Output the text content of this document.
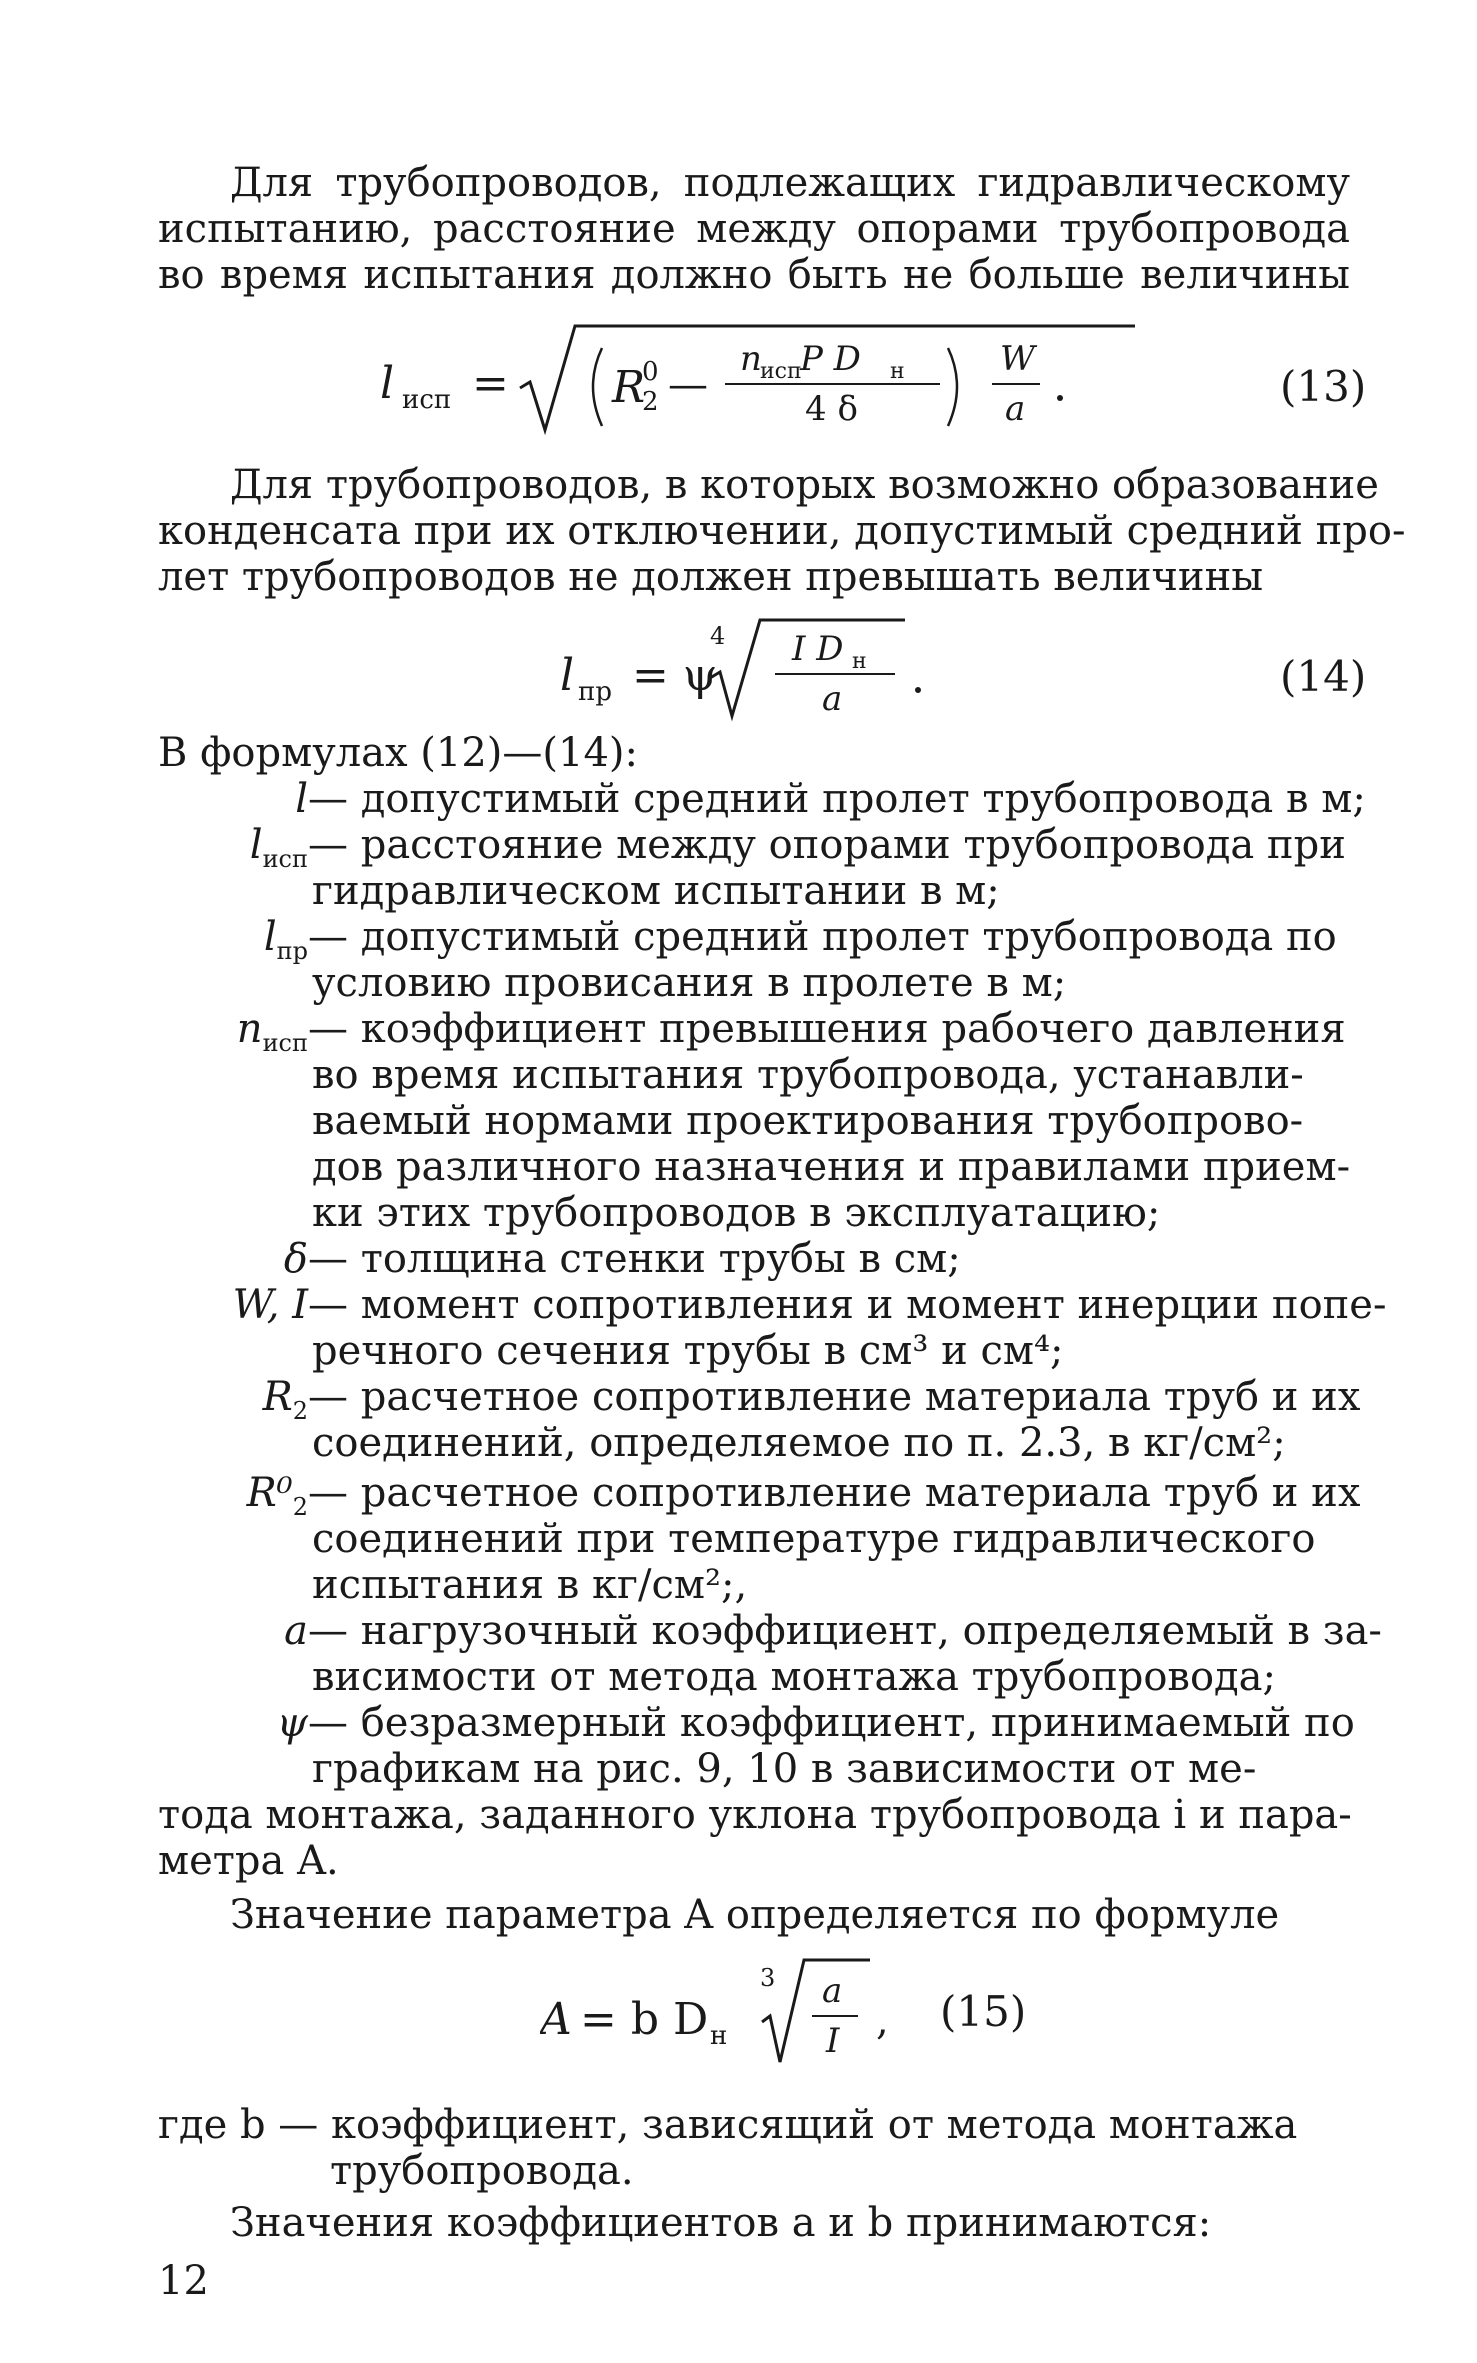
Для трубопроводов, подлежащих гидравлическому
испытанию, расстояние между опорами трубопровода
во время испытания должно быть не больше величины
l исп = R
0
2 —
n
исп
P D н
4 δ
W
a	(13)
Для трубопроводов, в которых возможно образование
конденсата при их отключении, допустимый средний про-
лет трубопроводов не должен превышать величины
l пр = ψ
4 I D н
a	(14)
В формулах (12)—(14):
l — допустимый средний пролет трубопровода в м;
$l_{исп}$ — расстояние между опорами трубопровода при
гидравлическом испытании в м;
$l_{пр}$ — допустимый средний пролет трубопровода по
условию провисания в пролете в м;
$n_{исп}$ — коэффициент превышения рабочего давления
во время испытания трубопровода, устанавли-
ваемый нормами проектирования трубопрово-
дов различного назначения и правилами прием-
ки этих трубопроводов в эксплуатацию;
δ — толщина стенки трубы в см;
W, I — момент сопротивления и момент инерции попе-
речного сечения трубы в см³ и см⁴;
$R_2$ — расчетное сопротивление материала труб и их
соединений, определяемое по п. 2.3, в кг/см²;
$R^0_2$ — расчетное сопротивление материала труб и их
соединений при температуре гидравлического
испытания в кг/см²;,
a — нагрузочный коэффициент, определяемый в за-
висимости от метода монтажа трубопровода;
ψ — безразмерный коэффициент, принимаемый по
графикам на рис. 9, 10 в зависимости от ме-
тода монтажа, заданного уклона трубопровода i и пара-
метра A.
Значение параметра A определяется по формуле
A = b D н
3 a
I , (15)
где b — коэффициент, зависящий от метода монтажа
трубопровода.
Значения коэффициентов a и b принимаются:
12
